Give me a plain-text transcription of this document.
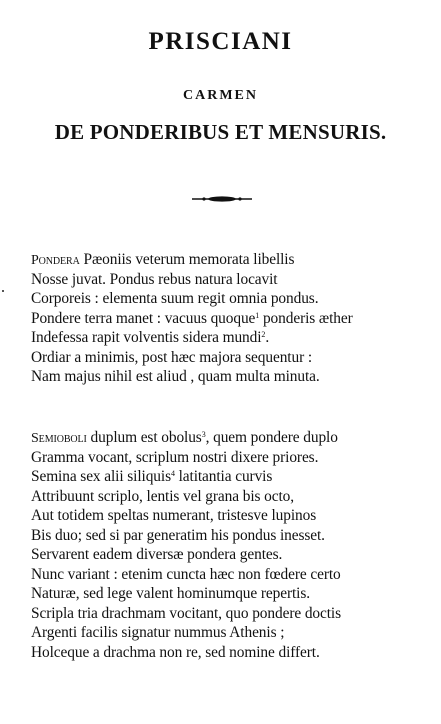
PRISCIANI
CARMEN
DE PONDERIBUS ET MENSURIS.
Pondera Pæoniis veterum memorata libellis
Nosse juvat. Pondus rebus natura locavit
Corporeis : elementa suum regit omnia pondus.
Pondere terra manet : vacuus quoque$^1$ ponderis æther
Indefessa rapit volventis sidera mundi$^2$.
Ordiar a minimis, post hæc majora sequentur :
Nam majus nihil est aliud , quam multa minuta.
Semioboli duplum est obolus$^3$, quem pondere duplo
Gramma vocant, scriplum nostri dixere priores.
Semina sex alii siliquis$^4$ latitantia curvis
Attribuunt scriplo, lentis vel grana bis octo,
Aut totidem speltas numerant, tristesve lupinos
Bis duo; sed si par generatim his pondus inesset.
Servarent eadem diversæ pondera gentes.
Nunc variant : etenim cuncta hæc non fœdere certo
Naturæ, sed lege valent hominumque repertis.
Scripla tria drachmam vocitant, quo pondere doctis
Argenti facilis signatur nummus Athenis ;
Holceque a drachma non re, sed nomine differt.
